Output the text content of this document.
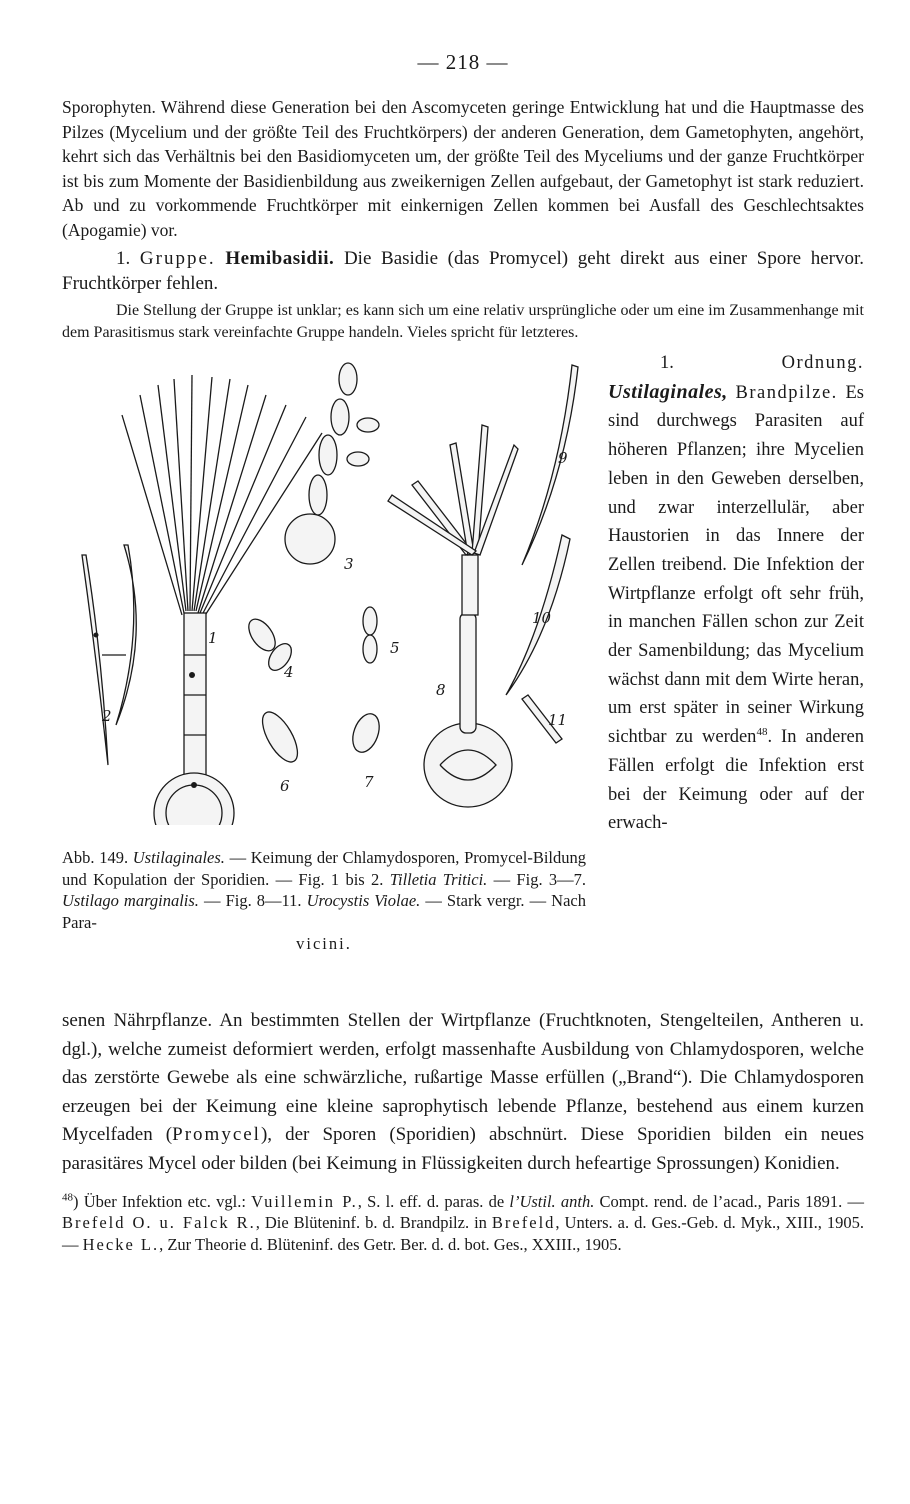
— 218 —

Sporophyten. Während diese Generation bei den Ascomyceten geringe Entwicklung hat und die Hauptmasse des Pilzes (Mycelium und der größte Teil des Fruchtkörpers) der anderen Generation, dem Gametophyten, angehört, kehrt sich das Verhältnis bei den Basidiomyceten um, der größte Teil des Myceliums und der ganze Fruchtkörper ist bis zum Momente der Basidienbildung aus zweikernigen Zellen aufgebaut, der Gametophyt ist stark reduziert. Ab und zu vorkommende Fruchtkörper mit einkernigen Zellen kommen bei Ausfall des Geschlechtsaktes (Apogamie) vor.

1. Gruppe. Hemibasidii. Die Basidie (das Promycel) geht direkt aus einer Spore hervor. Fruchtkörper fehlen.

Die Stellung der Gruppe ist unklar; es kann sich um eine relativ ursprüngliche oder um eine im Zusammenhange mit dem Parasitismus stark vereinfachte Gruppe handeln. Vieles spricht für letzteres.

1
2
3
4
5
6	7
8
9
10
11

Abb. 149. Ustilaginales. — Keimung der Chlamydosporen, Promycel-Bildung und Kopulation der Sporidien. — Fig. 1 bis 2. Tilletia Tritici. — Fig. 3—7. Ustilago marginalis. — Fig. 8—11. Urocystis Violae. — Stark vergr. — Nach Para-
vicini.

1.	Ordnung. Ustilaginales, Brandpilze. Es sind durchwegs Parasiten auf höheren Pflanzen; ihre Mycelien leben in den Geweben derselben, und zwar interzellulär, aber Haustorien in das Innere der Zellen treibend. Die Infektion der Wirtpflanze erfolgt oft sehr früh, in manchen Fällen schon zur Zeit der Samenbildung; das Mycelium wächst dann mit dem Wirte heran, um erst später in seiner Wirkung sichtbar zu werden$^{48}$. In anderen Fällen erfolgt die Infektion erst bei der Keimung oder auf der erwach-

senen Nährpflanze. An bestimmten Stellen der Wirtpflanze (Fruchtknoten, Stengelteilen, Antheren u. dgl.), welche zumeist deformiert werden, erfolgt massenhafte Ausbildung von Chlamydosporen, welche das zerstörte Gewebe als eine schwärzliche, rußartige Masse erfüllen („Brand“). Die Chlamydosporen erzeugen bei der Keimung eine kleine saprophytisch lebende Pflanze, bestehend aus einem kurzen Mycelfaden (Promycel), der Sporen (Sporidien) abschnürt. Diese Sporidien bilden ein neues parasitäres Mycel oder bilden (bei Keimung in Flüssigkeiten durch hefeartige Sprossungen) Konidien.

$^{48}$) Über Infektion etc. vgl.: Vuillemin P., S. l. eff. d. paras. de l’Ustil. anth. Compt. rend. de l’acad., Paris 1891. — Brefeld O. u. Falck R., Die Blüteninf. b. d. Brandpilz. in Brefeld, Unters. a. d. Ges.-Geb. d. Myk., XIII., 1905. — Hecke L., Zur Theorie d. Blüteninf. des Getr. Ber. d. d. bot. Ges., XXIII., 1905.
